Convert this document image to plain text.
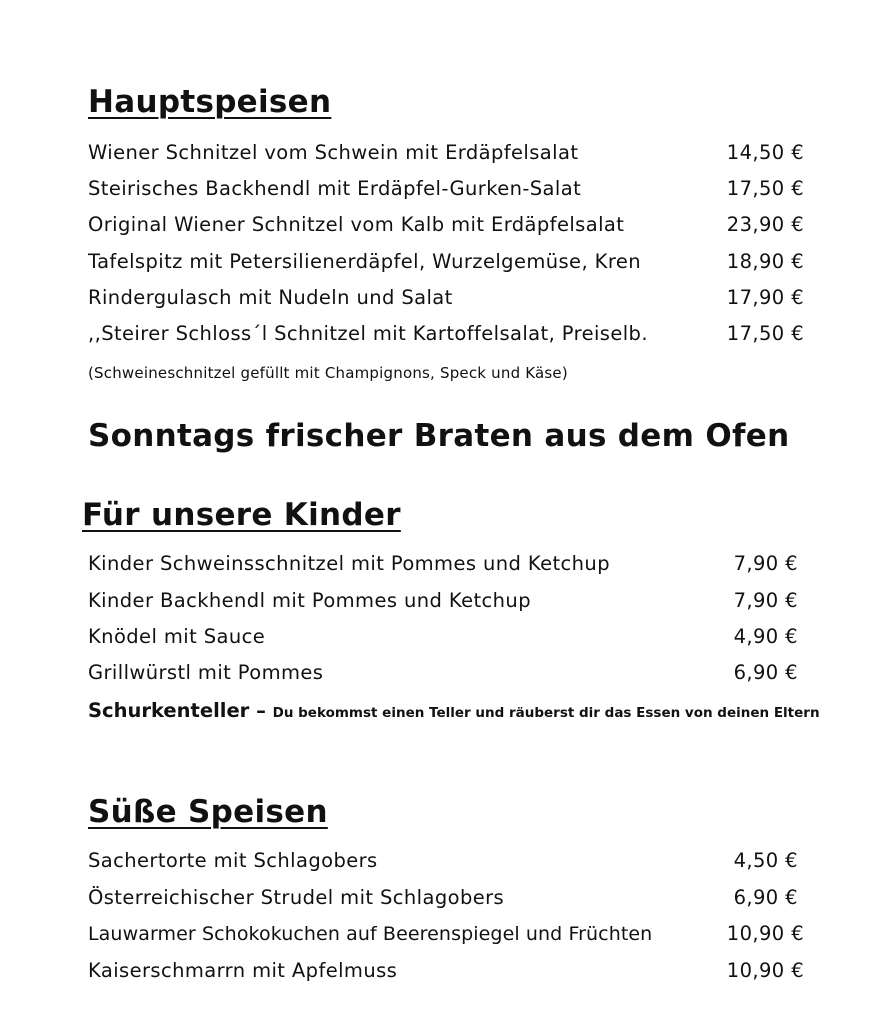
Hauptspeisen
Wiener Schnitzel vom Schwein mit Erdäpfelsalat	14,50 €
Steirisches Backhendl mit Erdäpfel-Gurken-Salat	17,50 €
Original Wiener Schnitzel vom Kalb mit Erdäpfelsalat	23,90 €
Tafelspitz mit Petersilienerdäpfel, Wurzelgemüse, Kren	18,90 €
Rindergulasch mit Nudeln und Salat	17,90 €
,,Steirer Schloss´l Schnitzel mit Kartoffelsalat, Preiselb.	17,50 €
(Schweineschnitzel gefüllt mit Champignons, Speck und Käse)
Sonntags frischer Braten aus dem Ofen
Für unsere Kinder
Kinder Schweinsschnitzel mit Pommes und Ketchup	7,90 €
Kinder Backhendl mit Pommes und Ketchup	7,90 €
Knödel mit Sauce	4,90 €
Grillwürstl mit Pommes	6,90 €
Schurkenteller – Du bekommst einen Teller und räuberst dir das Essen von deinen Eltern
Süße Speisen
Sachertorte mit Schlagobers	4,50 €
Österreichischer Strudel mit Schlagobers	6,90 €
Lauwarmer Schokokuchen auf Beerenspiegel und Früchten	10,90 €
Kaiserschmarrn mit Apfelmuss	10,90 €
